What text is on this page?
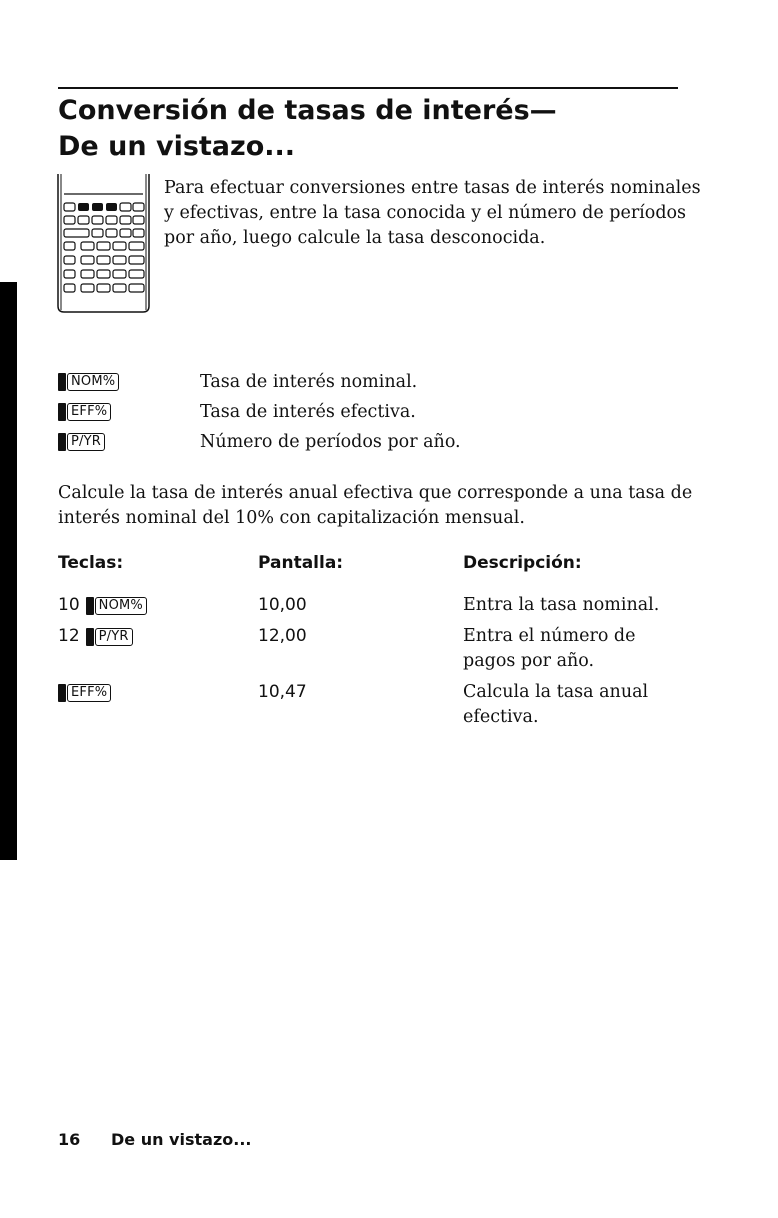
Conversión de tasas de interés—
De un vistazo...
Para efectuar conversiones entre tasas de interés nominales
y efectivas, entre la tasa conocida y el número de períodos
por año, luego calcule la tasa desconocida.
NOM%	Tasa de interés nominal.
EFF%	Tasa de interés efectiva.
P/YR	Número de períodos por año.
Calcule la tasa de interés anual efectiva que corresponde a una tasa de
interés nominal del 10% con capitalización mensual.
Teclas:	Pantalla:	Descripción:
10	NOM%	10,00	Entra la tasa nominal.
12	P/YR	12,00	Entra el número de
pagos por año.
EFF%	10,47	Calcula la tasa anual
efectiva.
16 De un vistazo...
